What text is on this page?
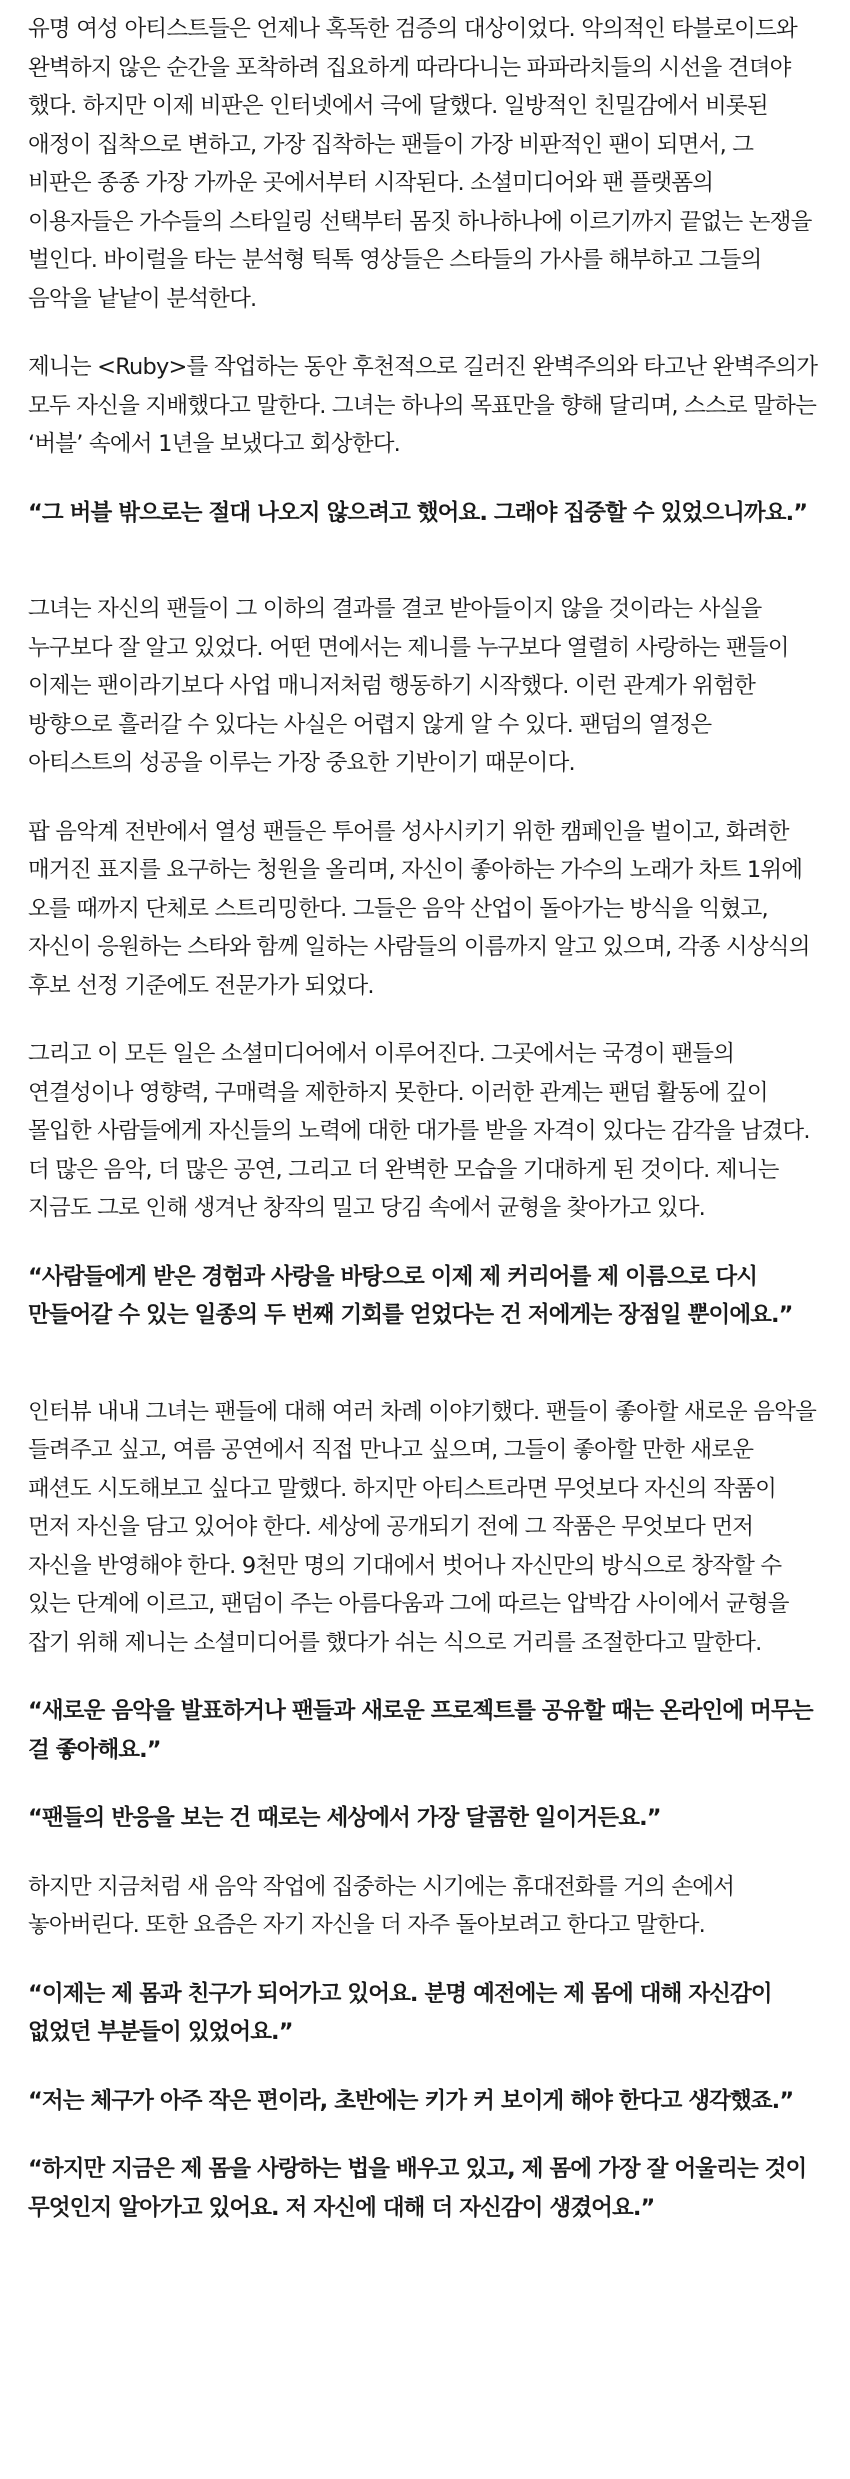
유명 여성 아티스트들은 언제나 혹독한 검증의 대상이었다. 악의적인 타블로이드와 완벽하지 않은 순간을 포착하려 집요하게 따라다니는 파파라치들의 시선을 견뎌야 했다. 하지만 이제 비판은 인터넷에서 극에 달했다. 일방적인 친밀감에서 비롯된 애정이 집착으로 변하고, 가장 집착하는 팬들이 가장 비판적인 팬이 되면서, 그 비판은 종종 가장 가까운 곳에서부터 시작된다. 소셜미디어와 팬 플랫폼의 이용자들은 가수들의 스타일링 선택부터 몸짓 하나하나에 이르기까지 끝없는 논쟁을 벌인다. 바이럴을 타는 분석형 틱톡 영상들은 스타들의 가사를 해부하고 그들의 음악을 낱낱이 분석한다.

제니는 <Ruby>를 작업하는 동안 후천적으로 길러진 완벽주의와 타고난 완벽주의가 모두 자신을 지배했다고 말한다. 그녀는 하나의 목표만을 향해 달리며, 스스로 말하는 ‘버블’ 속에서 1년을 보냈다고 회상한다.

“그 버블 밖으로는 절대 나오지 않으려고 했어요. 그래야 집중할 수 있었으니까요.”

그녀는 자신의 팬들이 그 이하의 결과를 결코 받아들이지 않을 것이라는 사실을 누구보다 잘 알고 있었다. 어떤 면에서는 제니를 누구보다 열렬히 사랑하는 팬들이 이제는 팬이라기보다 사업 매니저처럼 행동하기 시작했다. 이런 관계가 위험한 방향으로 흘러갈 수 있다는 사실은 어렵지 않게 알 수 있다. 팬덤의 열정은 아티스트의 성공을 이루는 가장 중요한 기반이기 때문이다.

팝 음악계 전반에서 열성 팬들은 투어를 성사시키기 위한 캠페인을 벌이고, 화려한 매거진 표지를 요구하는 청원을 올리며, 자신이 좋아하는 가수의 노래가 차트 1위에 오를 때까지 단체로 스트리밍한다. 그들은 음악 산업이 돌아가는 방식을 익혔고, 자신이 응원하는 스타와 함께 일하는 사람들의 이름까지 알고 있으며, 각종 시상식의 후보 선정 기준에도 전문가가 되었다.

그리고 이 모든 일은 소셜미디어에서 이루어진다. 그곳에서는 국경이 팬들의 연결성이나 영향력, 구매력을 제한하지 못한다. 이러한 관계는 팬덤 활동에 깊이 몰입한 사람들에게 자신들의 노력에 대한 대가를 받을 자격이 있다는 감각을 남겼다. 더 많은 음악, 더 많은 공연, 그리고 더 완벽한 모습을 기대하게 된 것이다. 제니는 지금도 그로 인해 생겨난 창작의 밀고 당김 속에서 균형을 찾아가고 있다.

“사람들에게 받은 경험과 사랑을 바탕으로 이제 제 커리어를 제 이름으로 다시 만들어갈 수 있는 일종의 두 번째 기회를 얻었다는 건 저에게는 장점일 뿐이에요.”

인터뷰 내내 그녀는 팬들에 대해 여러 차례 이야기했다. 팬들이 좋아할 새로운 음악을 들려주고 싶고, 여름 공연에서 직접 만나고 싶으며, 그들이 좋아할 만한 새로운 패션도 시도해보고 싶다고 말했다. 하지만 아티스트라면 무엇보다 자신의 작품이 먼저 자신을 담고 있어야 한다. 세상에 공개되기 전에 그 작품은 무엇보다 먼저 자신을 반영해야 한다. 9천만 명의 기대에서 벗어나 자신만의 방식으로 창작할 수 있는 단계에 이르고, 팬덤이 주는 아름다움과 그에 따르는 압박감 사이에서 균형을 잡기 위해 제니는 소셜미디어를 했다가 쉬는 식으로 거리를 조절한다고 말한다.

“새로운 음악을 발표하거나 팬들과 새로운 프로젝트를 공유할 때는 온라인에 머무는 걸 좋아해요.”

“팬들의 반응을 보는 건 때로는 세상에서 가장 달콤한 일이거든요.”

하지만 지금처럼 새 음악 작업에 집중하는 시기에는 휴대전화를 거의 손에서 놓아버린다. 또한 요즘은 자기 자신을 더 자주 돌아보려고 한다고 말한다.

“이제는 제 몸과 친구가 되어가고 있어요. 분명 예전에는 제 몸에 대해 자신감이 없었던 부분들이 있었어요.”

“저는 체구가 아주 작은 편이라, 초반에는 키가 커 보이게 해야 한다고 생각했죠.”

“하지만 지금은 제 몸을 사랑하는 법을 배우고 있고, 제 몸에 가장 잘 어울리는 것이 무엇인지 알아가고 있어요. 저 자신에 대해 더 자신감이 생겼어요.”
